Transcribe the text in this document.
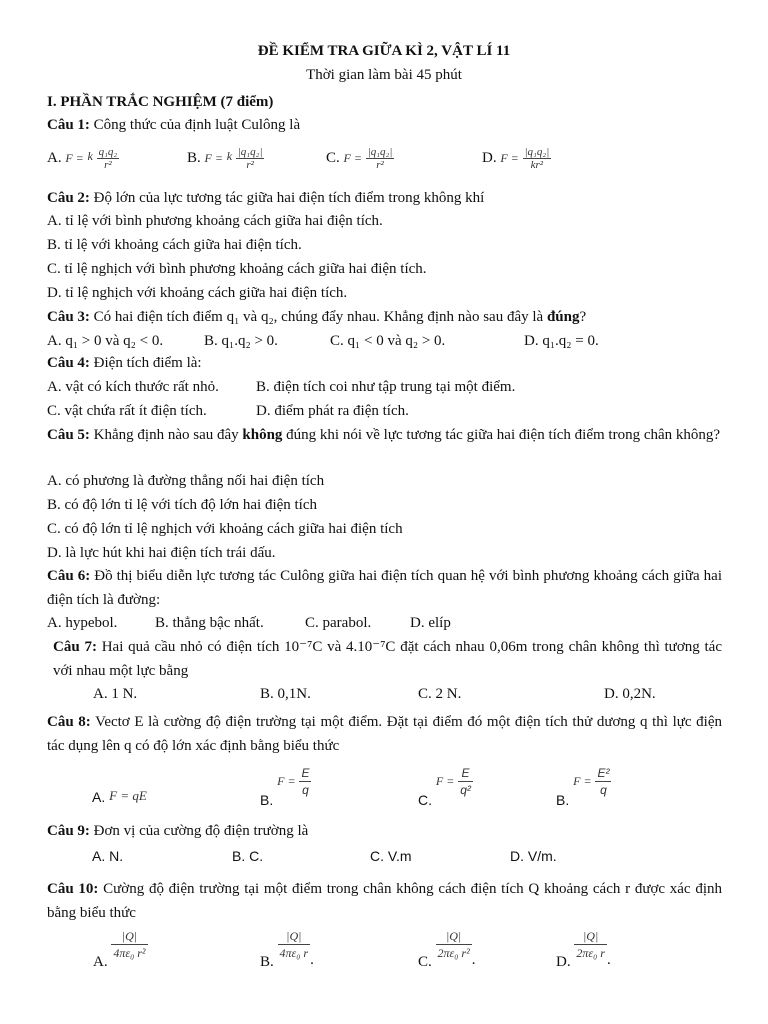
ĐỀ KIỂM TRA GIỮA KÌ 2, VẬT LÍ 11
Thời gian làm bài 45 phút
I. PHẦN TRẮC NGHIỆM (7 điểm)
Câu 1: Công thức của định luật Culông là
A. $F = ^k \frac{\text{q₁q₂}}{\text{r²}}$	B. $F = ^k \frac{\text{|q₁q₂|}}{\text{r²}}$	C. $F = \frac{\text{|q₁q₂|}}{\text{r²}}$	D. $F = \frac{\text{|q₁q₂|}}{\text{kr²}}$
Câu 2: Độ lớn của lực tương tác giữa hai điện tích điểm trong không khí
A. tỉ lệ với bình phương khoảng cách giữa hai điện tích.
B. tỉ lệ với khoảng cách giữa hai điện tích.
C. tỉ lệ nghịch với bình phương khoảng cách giữa hai điện tích.
D. tỉ lệ nghịch với khoảng cách giữa hai điện tích.
Câu 3: Có hai điện tích điểm q₁ và q₂, chúng đẩy nhau. Khẳng định nào sau đây là đúng?
A. q₁ > 0 và q₂ < 0.	B. q₁.q₂ > 0.	C. q₁ < 0 và q₂ > 0.	D. q₁.q₂ = 0.
Câu 4: Điện tích điểm là:
A. vật có kích thước rất nhỏ. B. điện tích coi như tập trung tại một điểm.
C. vật chứa rất ít điện tích.	D. điểm phát ra điện tích.
Câu 5: Khẳng định nào sau đây không đúng khi nói về lực tương tác giữa hai điện tích điểm trong chân không?
A. có phương là đường thẳng nối hai điện tích
B. có độ lớn tỉ lệ với tích độ lớn hai điện tích
C. có độ lớn tỉ lệ nghịch với khoảng cách giữa hai điện tích
D. là lực hút khi hai điện tích trái dấu.
Câu 6: Đồ thị biểu diễn lực tương tác Culông giữa hai điện tích quan hệ với bình phương khoảng cách giữa hai điện tích là đường:
A. hypebol.	B. thẳng bậc nhất.	C. parabol.	D. elíp
Câu 7: Hai quả cầu nhỏ có điện tích 10⁻⁷C và 4.10⁻⁷C đặt cách nhau 0,06m trong chân không thì tương tác với nhau một lực bằng
A. 1 N.	B. 0,1N.	C. 2 N.	D. 0,2N.
Câu 8: Vectơ E là cường độ điện trường tại một điểm. Đặt tại điểm đó một điện tích thử dương q thì lực điện tác dụng lên q có độ lớn xác định bằng biểu thức
A. F = qE	B. $F = \frac{E}{q}$
C. $F = \frac{E}{\text{q²}}$
B. $F = \frac{\text{E²}}{q}$
Câu 9: Đơn vị của cường độ điện trường là
A. N.	B. C.	C. V.m	D. V/m.
Câu 10: Cường độ điện trường tại một điểm trong chân không cách điện tích Q khoảng cách r được xác định bằng biểu thức
A.
$\frac{|Q|}{\text{4πε₀ r²}}$
B.
$\frac{|Q|}{\text{4πε₀ r}}$ .	C.
$\frac{|Q|}{\text{2πε₀ r²}}$ .	D.
$\frac{|Q|}{\text{2πε₀ r}}$ .
